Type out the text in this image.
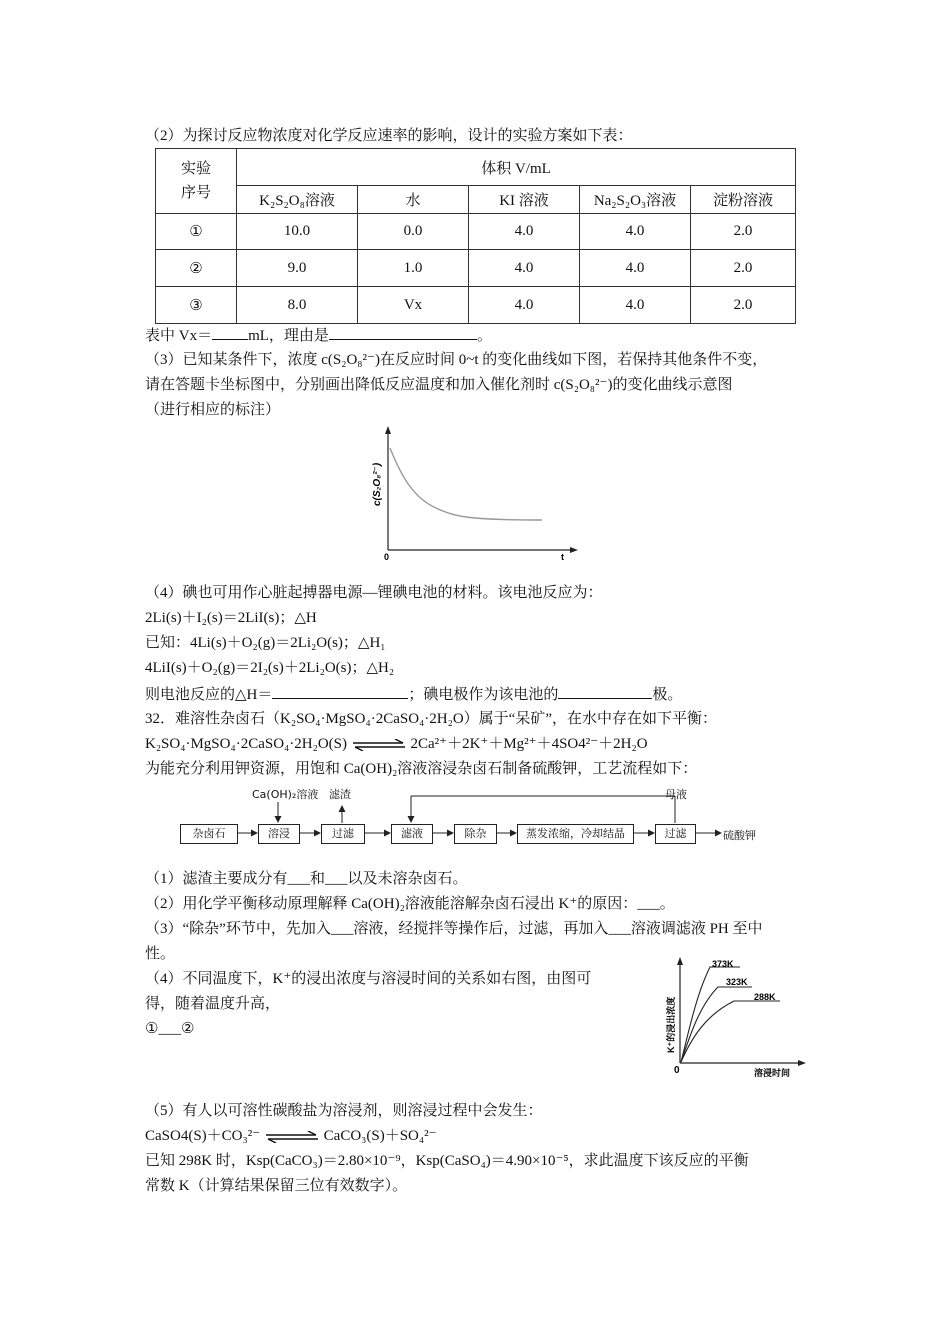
（2）为探讨反应物浓度对化学反应速率的影响，设计的实验方案如下表：
实验
序号	体积 V/mL				
	K₂S₂O₈溶液	水	KI 溶液	Na₂S₂O₃溶液	淀粉溶液
①	10.0	0.0	4.0	4.0	2.0
②	9.0	1.0	4.0	4.0	2.0
③	8.0	Vx	4.0	4.0	2.0
表中 Vx＝ mL，理由是	。
（3）已知某条件下，浓度 c(S₂O₈²⁻)在反应时间 0~t 的变化曲线如下图，若保持其他条件不变，
请在答题卡坐标图中，分别画出降低反应温度和加入催化剂时 c(S₂O₈²⁻)的变化曲线示意图
（进行相应的标注）
c(S₂O₈²⁻)
0	t
（4）碘也可用作心脏起搏器电源—锂碘电池的材料。该电池反应为：
2Li(s)＋I₂(s)＝2LiI(s)；△H
已知：4Li(s)＋O₂(g)＝2Li₂O(s)；△H₁
4LiI(s)＋O₂(g)＝2I₂(s)＋2Li₂O(s)；△H₂
则电池反应的△H＝	；碘电极作为该电池的	极。
32．难溶性杂卤石（K₂SO₄·MgSO₄·2CaSO₄·2H₂O）属于“呆矿”，在水中存在如下平衡：
K₂SO₄·MgSO₄·2CaSO₄·2H₂O(S) ⇌ 2Ca²⁺＋2K⁺＋Mg²⁺＋4SO4²⁻＋2H₂O
为能充分利用钾资源，用饱和 Ca(OH)₂溶液溶浸杂卤石制备硫酸钾，工艺流程如下：
杂卤石	溶浸	过滤	滤液	除杂	蒸发浓缩，冷却结晶	过滤
Ca(OH)₂溶液 滤渣	母液
硫酸钾
（1）滤渣主要成分有___和___以及未溶杂卤石。
（2）用化学平衡移动原理解释 Ca(OH)₂溶液能溶解杂卤石浸出 K⁺的原因：___。
（3）“除杂”环节中，先加入___溶液，经搅拌等操作后，过滤，再加入___溶液调滤液 PH 至中
性。
（4）不同温度下，K⁺的浸出浓度与溶浸时间的关系如右图，由图可
得，随着温度升高，
①___②
373K
323K
288K
K⁺的浸出浓度
0	溶浸时间
（5）有人以可溶性碳酸盐为溶浸剂，则溶浸过程中会发生：
CaSO4(S)＋CO₃²⁻ ⇌ CaCO₃(S)＋SO₄²⁻
已知 298K 时，Ksp(CaCO₃)＝2.80×10⁻⁹，Ksp(CaSO₄)＝4.90×10⁻⁵，求此温度下该反应的平衡
常数 K（计算结果保留三位有效数字）。
